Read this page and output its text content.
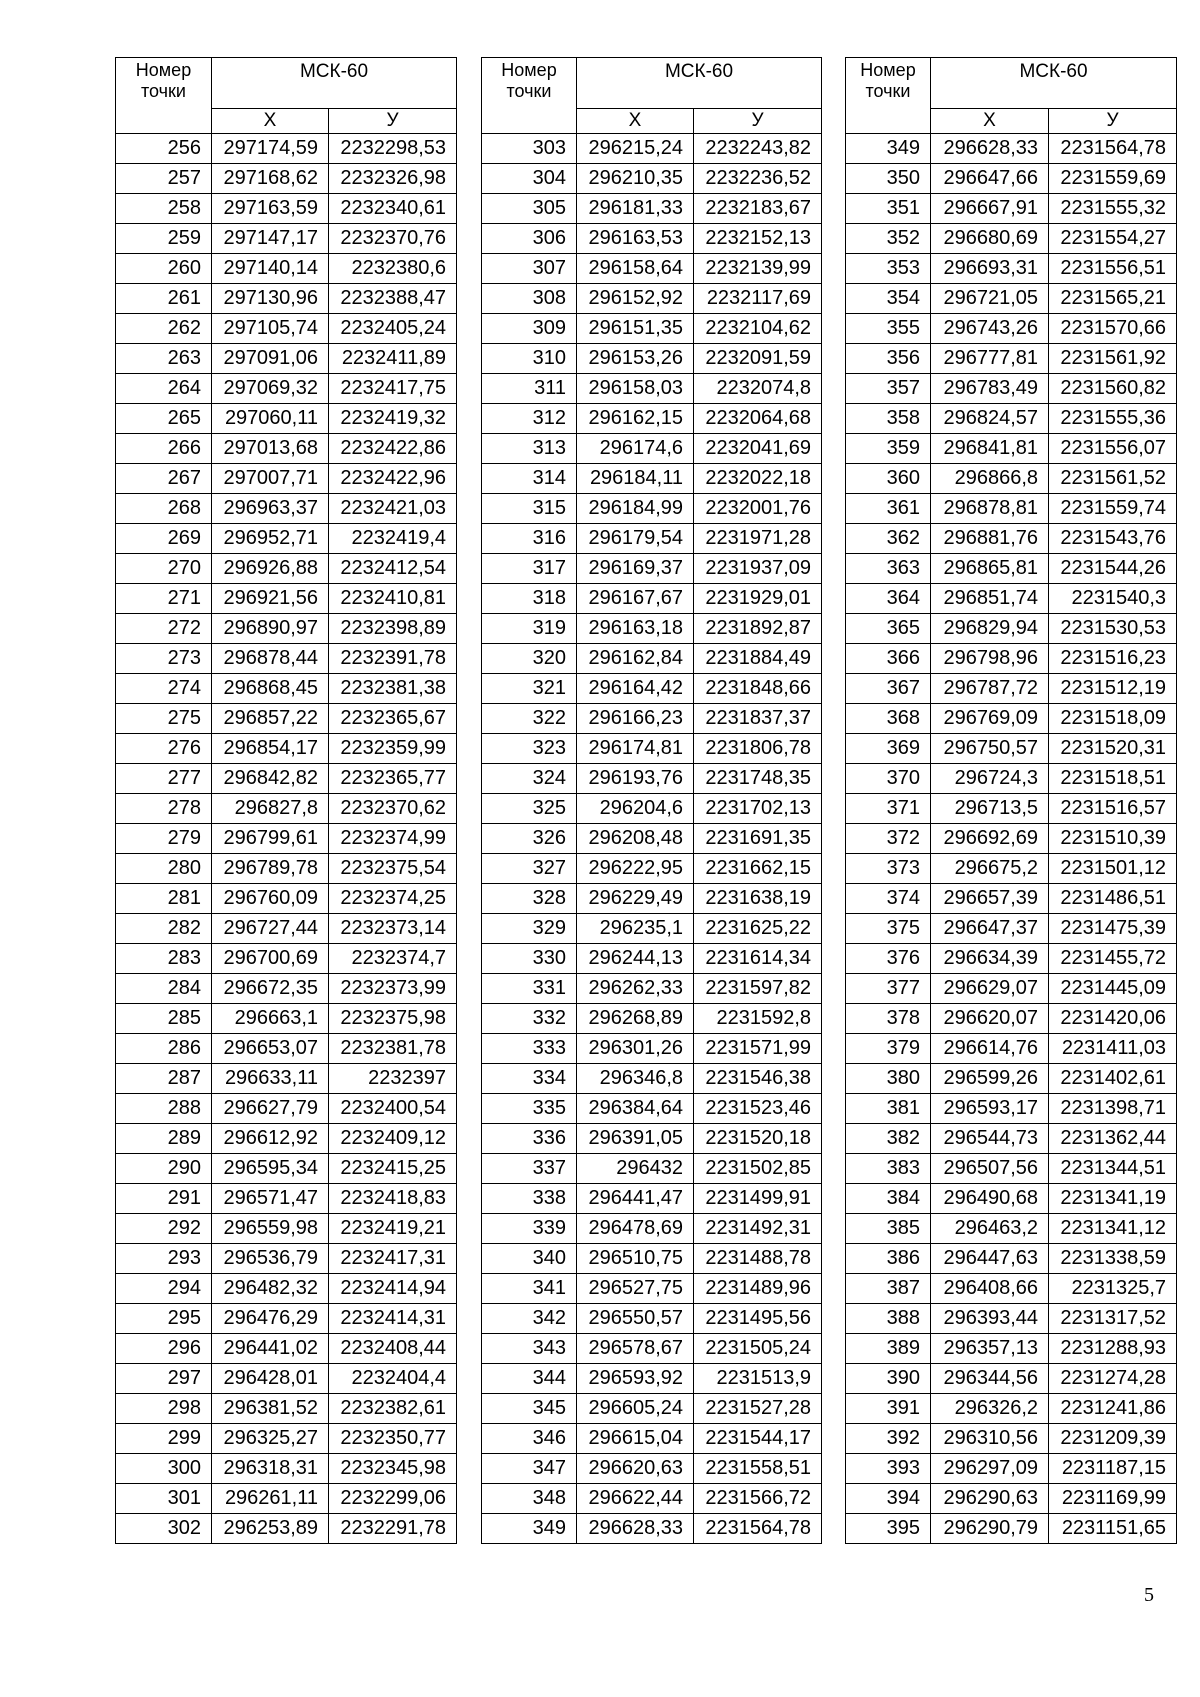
Номер точки	МСК-60	
	Х	У
256	297174,59	2232298,53
257	297168,62	2232326,98
258	297163,59	2232340,61
259	297147,17	2232370,76
260	297140,14	2232380,6
261	297130,96	2232388,47
262	297105,74	2232405,24
263	297091,06	2232411,89
264	297069,32	2232417,75
265	297060,11	2232419,32
266	297013,68	2232422,86
267	297007,71	2232422,96
268	296963,37	2232421,03
269	296952,71	2232419,4
270	296926,88	2232412,54
271	296921,56	2232410,81
272	296890,97	2232398,89
273	296878,44	2232391,78
274	296868,45	2232381,38
275	296857,22	2232365,67
276	296854,17	2232359,99
277	296842,82	2232365,77
278	296827,8	2232370,62
279	296799,61	2232374,99
280	296789,78	2232375,54
281	296760,09	2232374,25
282	296727,44	2232373,14
283	296700,69	2232374,7
284	296672,35	2232373,99
285	296663,1	2232375,98
286	296653,07	2232381,78
287	296633,11	2232397
288	296627,79	2232400,54
289	296612,92	2232409,12
290	296595,34	2232415,25
291	296571,47	2232418,83
292	296559,98	2232419,21
293	296536,79	2232417,31
294	296482,32	2232414,94
295	296476,29	2232414,31
296	296441,02	2232408,44
297	296428,01	2232404,4
298	296381,52	2232382,61
299	296325,27	2232350,77
300	296318,31	2232345,98
301	296261,11	2232299,06
302	296253,89	2232291,78
Номер точки	МСК-60	
	Х	У
303	296215,24	2232243,82
304	296210,35	2232236,52
305	296181,33	2232183,67
306	296163,53	2232152,13
307	296158,64	2232139,99
308	296152,92	2232117,69
309	296151,35	2232104,62
310	296153,26	2232091,59
311	296158,03	2232074,8
312	296162,15	2232064,68
313	296174,6	2232041,69
314	296184,11	2232022,18
315	296184,99	2232001,76
316	296179,54	2231971,28
317	296169,37	2231937,09
318	296167,67	2231929,01
319	296163,18	2231892,87
320	296162,84	2231884,49
321	296164,42	2231848,66
322	296166,23	2231837,37
323	296174,81	2231806,78
324	296193,76	2231748,35
325	296204,6	2231702,13
326	296208,48	2231691,35
327	296222,95	2231662,15
328	296229,49	2231638,19
329	296235,1	2231625,22
330	296244,13	2231614,34
331	296262,33	2231597,82
332	296268,89	2231592,8
333	296301,26	2231571,99
334	296346,8	2231546,38
335	296384,64	2231523,46
336	296391,05	2231520,18
337	296432	2231502,85
338	296441,47	2231499,91
339	296478,69	2231492,31
340	296510,75	2231488,78
341	296527,75	2231489,96
342	296550,57	2231495,56
343	296578,67	2231505,24
344	296593,92	2231513,9
345	296605,24	2231527,28
346	296615,04	2231544,17
347	296620,63	2231558,51
348	296622,44	2231566,72
349	296628,33	2231564,78
Номер точки	МСК-60	
	Х	У
349	296628,33	2231564,78
350	296647,66	2231559,69
351	296667,91	2231555,32
352	296680,69	2231554,27
353	296693,31	2231556,51
354	296721,05	2231565,21
355	296743,26	2231570,66
356	296777,81	2231561,92
357	296783,49	2231560,82
358	296824,57	2231555,36
359	296841,81	2231556,07
360	296866,8	2231561,52
361	296878,81	2231559,74
362	296881,76	2231543,76
363	296865,81	2231544,26
364	296851,74	2231540,3
365	296829,94	2231530,53
366	296798,96	2231516,23
367	296787,72	2231512,19
368	296769,09	2231518,09
369	296750,57	2231520,31
370	296724,3	2231518,51
371	296713,5	2231516,57
372	296692,69	2231510,39
373	296675,2	2231501,12
374	296657,39	2231486,51
375	296647,37	2231475,39
376	296634,39	2231455,72
377	296629,07	2231445,09
378	296620,07	2231420,06
379	296614,76	2231411,03
380	296599,26	2231402,61
381	296593,17	2231398,71
382	296544,73	2231362,44
383	296507,56	2231344,51
384	296490,68	2231341,19
385	296463,2	2231341,12
386	296447,63	2231338,59
387	296408,66	2231325,7
388	296393,44	2231317,52
389	296357,13	2231288,93
390	296344,56	2231274,28
391	296326,2	2231241,86
392	296310,56	2231209,39
393	296297,09	2231187,15
394	296290,63	2231169,99
395	296290,79	2231151,65
5
